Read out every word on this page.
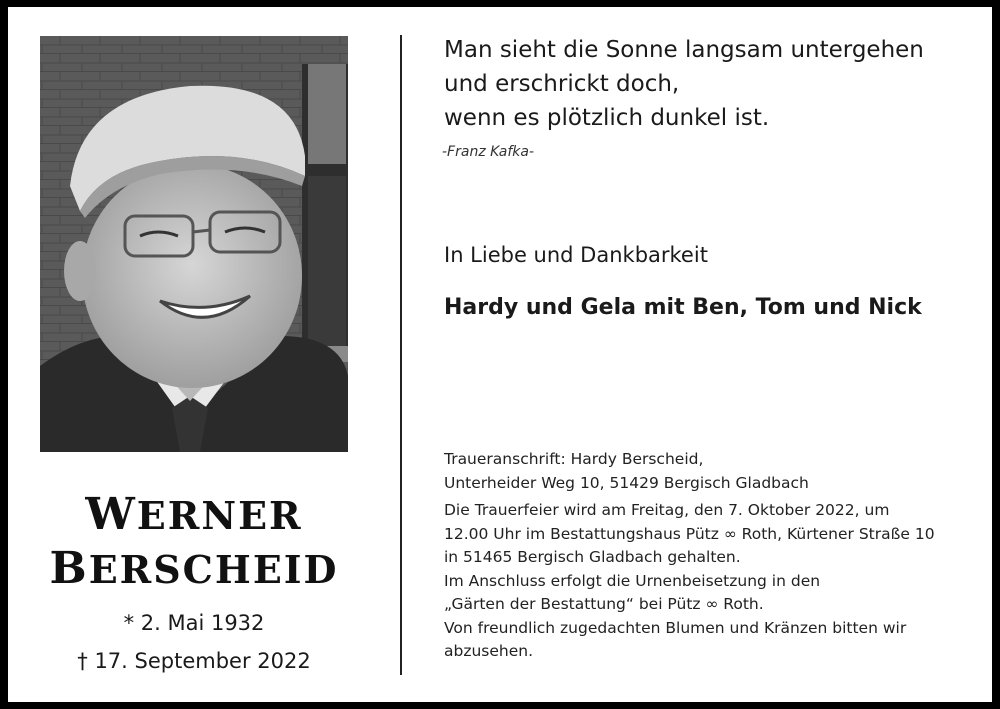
WERNER
BERSCHEID
* 2. Mai 1932
† 17. September 2022
Man sieht die Sonne langsam untergehen
und erschrickt doch,
wenn es plötzlich dunkel ist.
-Franz Kafka-
In Liebe und Dankbarkeit
Hardy und Gela mit Ben, Tom und Nick
Traueranschrift: Hardy Berscheid,
Unterheider Weg 10, 51429 Bergisch Gladbach
Die Trauerfeier wird am Freitag, den 7. Oktober 2022, um
12.00 Uhr im Bestattungshaus Pütz ∞ Roth, Kürtener Straße 10
in 51465 Bergisch Gladbach gehalten.
Im Anschluss erfolgt die Urnenbeisetzung in den
„Gärten der Bestattung“ bei Pütz ∞ Roth.
Von freundlich zugedachten Blumen und Kränzen bitten wir
abzusehen.
